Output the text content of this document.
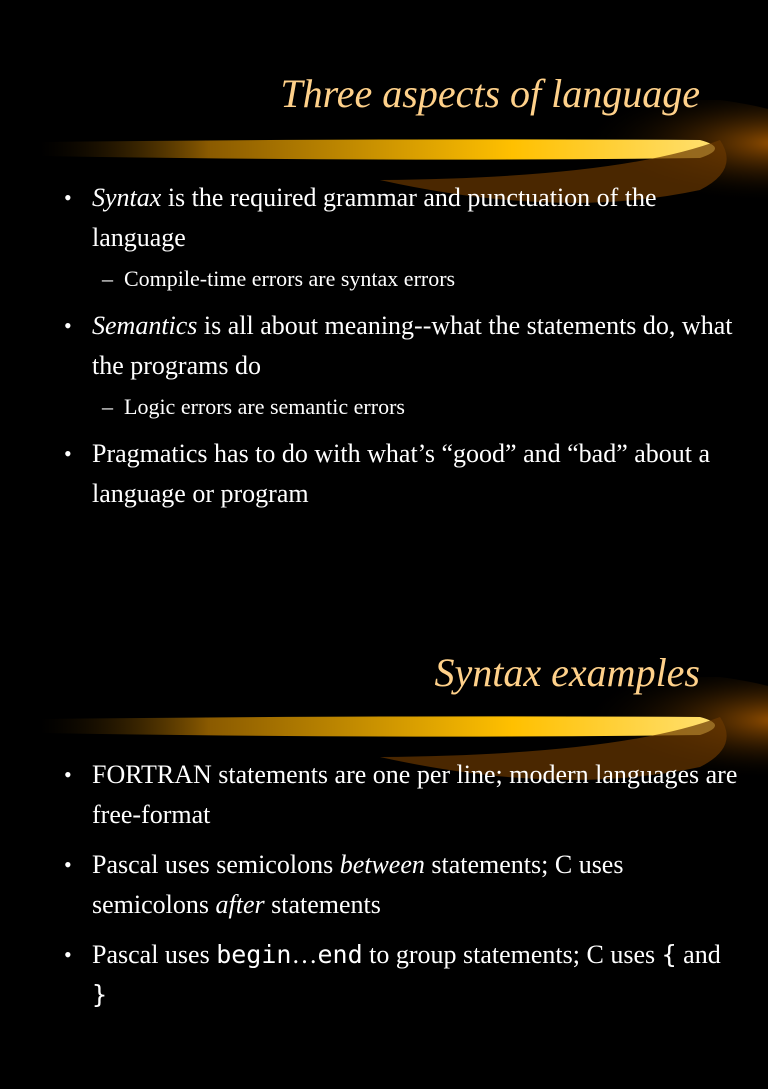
Three aspects of language
• Syntax is the required grammar and punctuation of the language
– Compile-time errors are syntax errors
• Semantics is all about meaning--what the statements do, what the programs do
– Logic errors are semantic errors
• Pragmatics has to do with what’s “good” and “bad” about a language or program
Syntax examples
• FORTRAN statements are one per line; modern languages are free-format
• Pascal uses semicolons between statements; C uses semicolons after statements
• Pascal uses begin…end to group statements; C uses { and }
